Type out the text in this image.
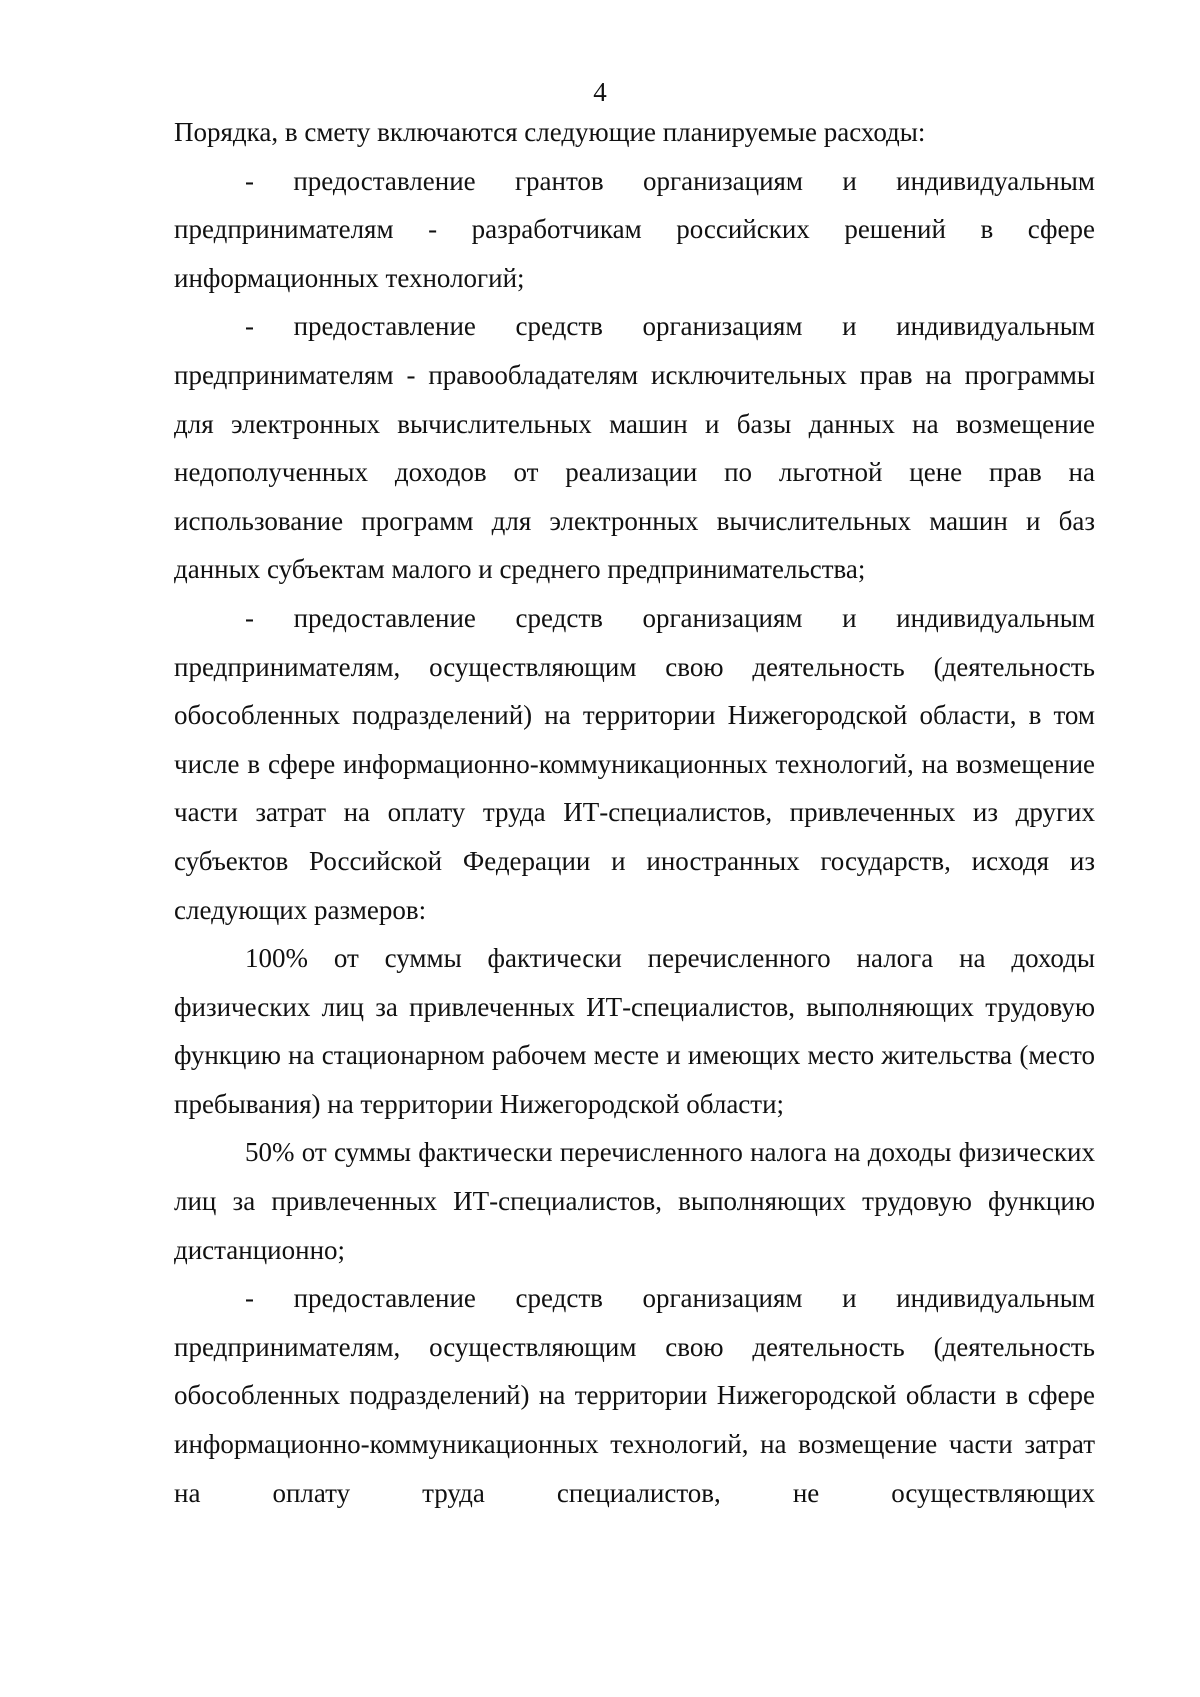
4

Порядка, в смету включаются следующие планируемые расходы:

- предоставление грантов организациям и индивидуальным предпринимателям - разработчикам российских решений в сфере информационных технологий;

- предоставление средств организациям и индивидуальным предпринимателям - правообладателям исключительных прав на программы для электронных вычислительных машин и базы данных на возмещение недополученных доходов от реализации по льготной цене прав на использование программ для электронных вычислительных машин и баз данных субъектам малого и среднего предпринимательства;

- предоставление средств организациям и индивидуальным предпринимателям, осуществляющим свою деятельность (деятельность обособленных подразделений) на территории Нижегородской области, в том числе в сфере информационно-коммуникационных технологий, на возмещение части затрат на оплату труда ИТ-специалистов, привлеченных из других субъектов Российской Федерации и иностранных государств, исходя из следующих размеров:

100% от суммы фактически перечисленного налога на доходы физических лиц за привлеченных ИТ-специалистов, выполняющих трудовую функцию на стационарном рабочем месте и имеющих место жительства (место пребывания) на территории Нижегородской области;

50% от суммы фактически перечисленного налога на доходы физических лиц за привлеченных ИТ-специалистов, выполняющих трудовую функцию дистанционно;

- предоставление средств организациям и индивидуальным предпринимателям, осуществляющим свою деятельность (деятельность обособленных подразделений) на территории Нижегородской области в сфере информационно-коммуникационных технологий, на возмещение части затрат на оплату труда специалистов, не осуществляющих
